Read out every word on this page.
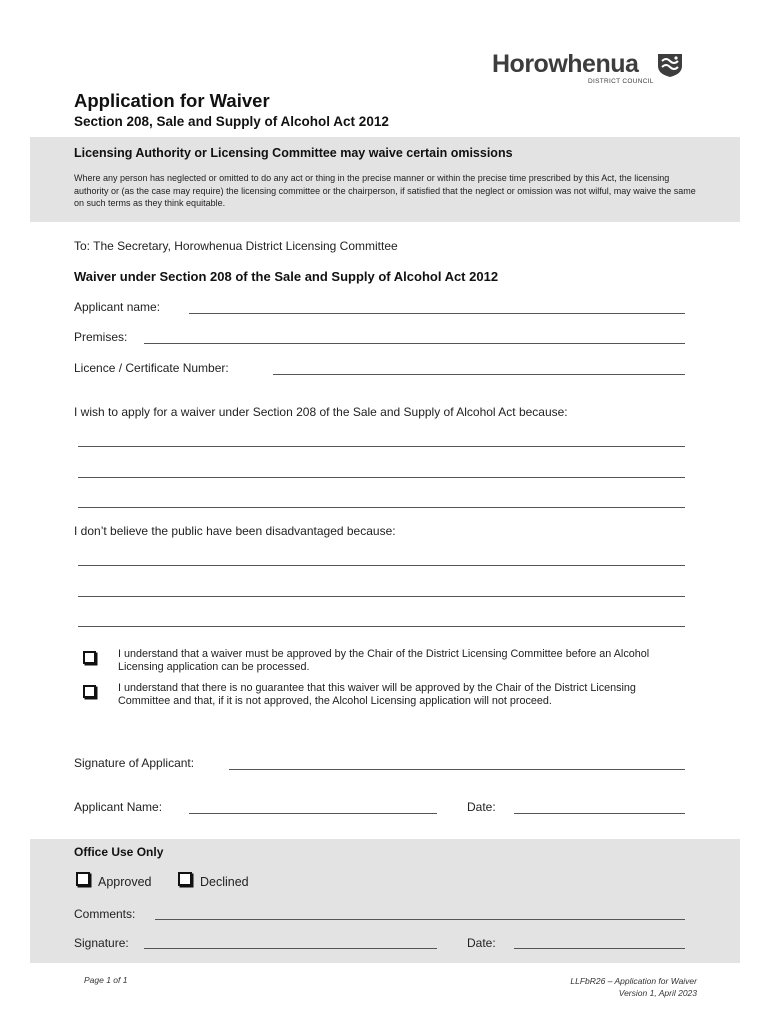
Horowhenua
DISTRICT COUNCIL
Application for Waiver
Section 208, Sale and Supply of Alcohol Act 2012
Licensing Authority or Licensing Committee may waive certain omissions
Where any person has neglected or omitted to do any act or thing in the precise manner or within the precise time prescribed by this Act, the licensing authority or (as the case may require) the licensing committee or the chairperson, if satisfied that the neglect or omission was not wilful, may waive the same on such terms as they think equitable.
To: The Secretary, Horowhenua District Licensing Committee
Waiver under Section 208 of the Sale and Supply of Alcohol Act 2012
Applicant name:
Premises:
Licence / Certificate Number:
I wish to apply for a waiver under Section 208 of the Sale and Supply of Alcohol Act because:
I don’t believe the public have been disadvantaged because:
I understand that a waiver must be approved by the Chair of the District Licensing Committee before an Alcohol Licensing application can be processed.
I understand that there is no guarantee that this waiver will be approved by the Chair of the District Licensing Committee and that, if it is not approved, the Alcohol Licensing application will not proceed.
Signature of Applicant:
Applicant Name:	Date:
Office Use Only
Approved	Declined
Comments:
Signature:	Date:
Page 1 of 1	LLFbR26 – Application for Waiver
Version 1, April 2023
